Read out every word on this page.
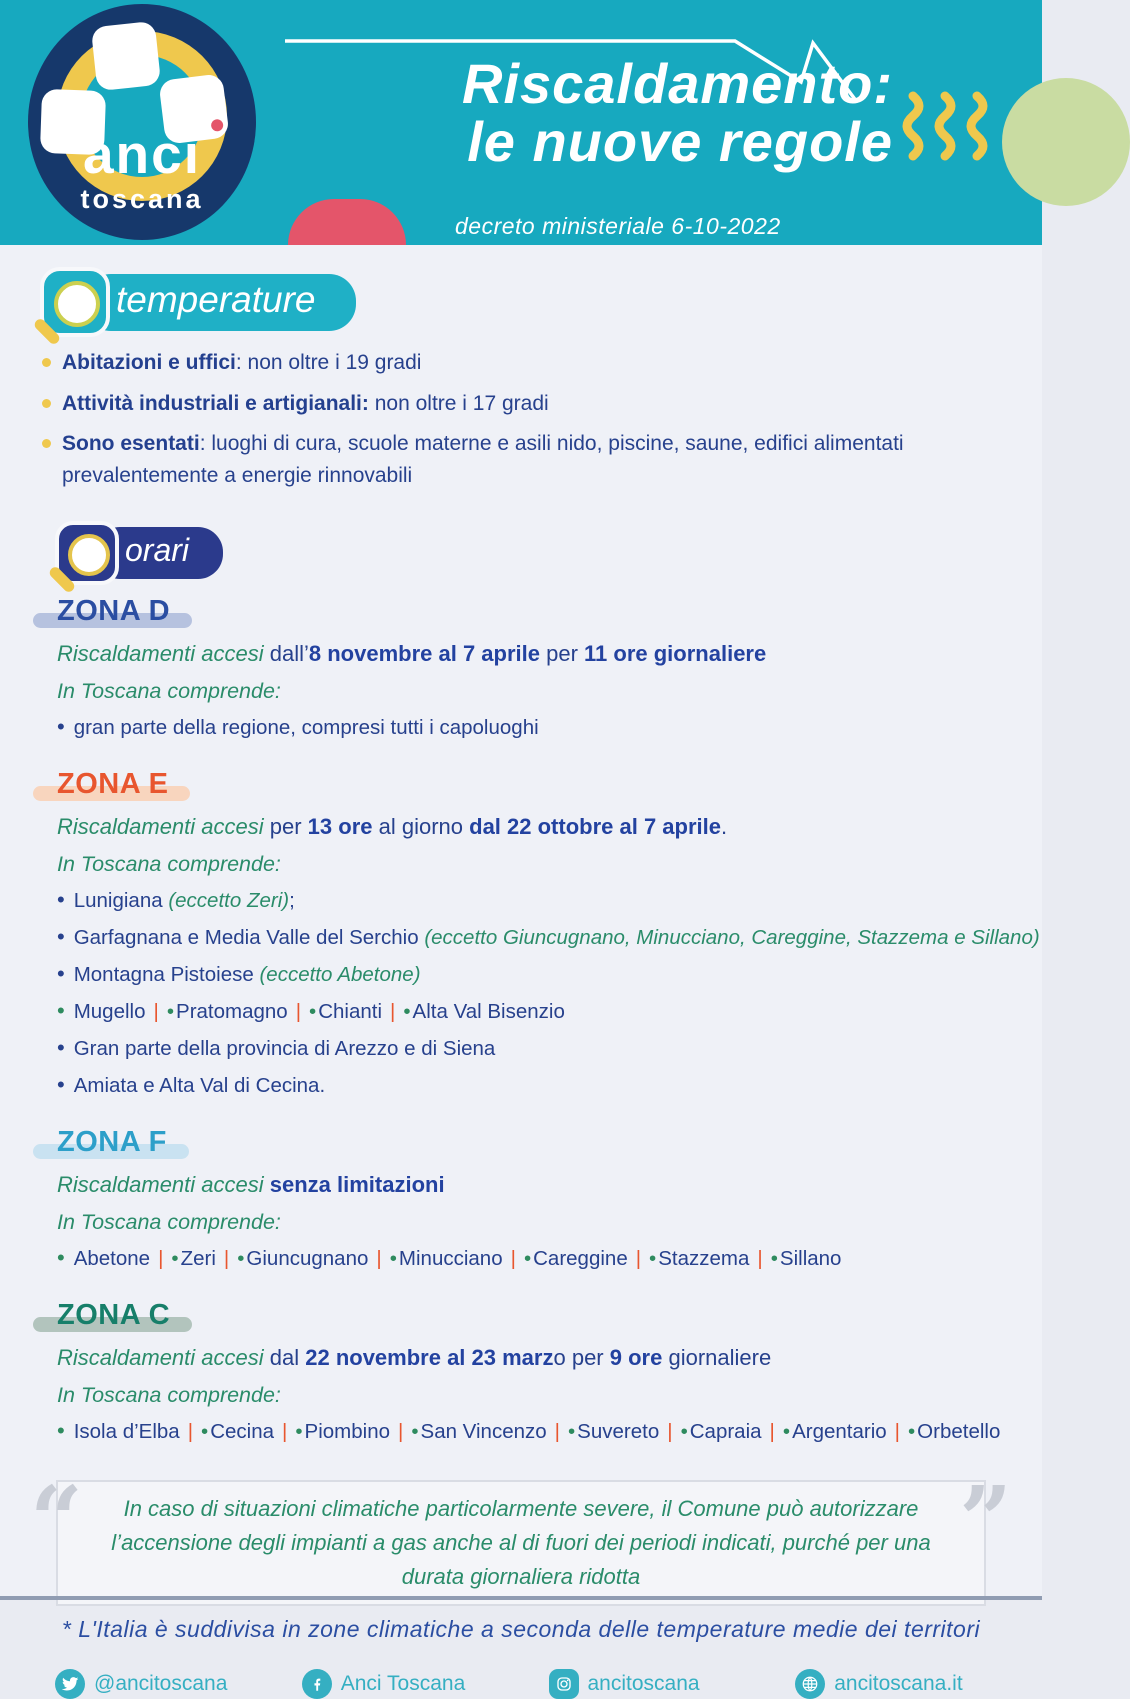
anci
toscana
Riscaldamento:
le nuove regole
decreto ministeriale 6-10-2022
temperature
Abitazioni e uffici: non oltre i 19 gradi
Attività industriali e artigianali: non oltre i 17 gradi
Sono esentati: luoghi di cura, scuole materne e asili nido, piscine, saune, edifici alimentati prevalentemente a energie rinnovabili
orari
ZONA D
Riscaldamenti accesi dall’8 novembre al 7 aprile per 11 ore giornaliere
In Toscana comprende:
• gran parte della regione, compresi tutti i capoluoghi
ZONA E
Riscaldamenti accesi per 13 ore al giorno dal 22 ottobre al 7 aprile.
In Toscana comprende:
• Lunigiana (eccetto Zeri);
• Garfagnana e Media Valle del Serchio (eccetto Giuncugnano, Minucciano, Careggine, Stazzema e Sillano)
• Montagna Pistoiese (eccetto Abetone)
• Mugello | •Pratomagno | •Chianti | •Alta Val Bisenzio
• Gran parte della provincia di Arezzo e di Siena
• Amiata e Alta Val di Cecina.
ZONA F
Riscaldamenti accesi senza limitazioni
In Toscana comprende:
• Abetone | •Zeri | •Giuncugnano | •Minucciano | •Careggine | •Stazzema | •Sillano
ZONA C
Riscaldamenti accesi dal 22 novembre al 23 marzo per 9 ore giornaliere
In Toscana comprende:
• Isola d’Elba | •Cecina | •Piombino | •San Vincenzo | •Suvereto | •Capraia | •Argentario | •Orbetello
“	In caso di situazioni climatiche particolarmente severe, il Comune può autorizzare l’accensione degli impianti a gas anche al di fuori dei periodi indicati, purché per una durata giornaliera ridotta
”
* L'Italia è suddivisa in zone climatiche a seconda delle temperature medie dei territori
@ancitoscana	Anci Toscana	ancitoscana	ancitoscana.it
